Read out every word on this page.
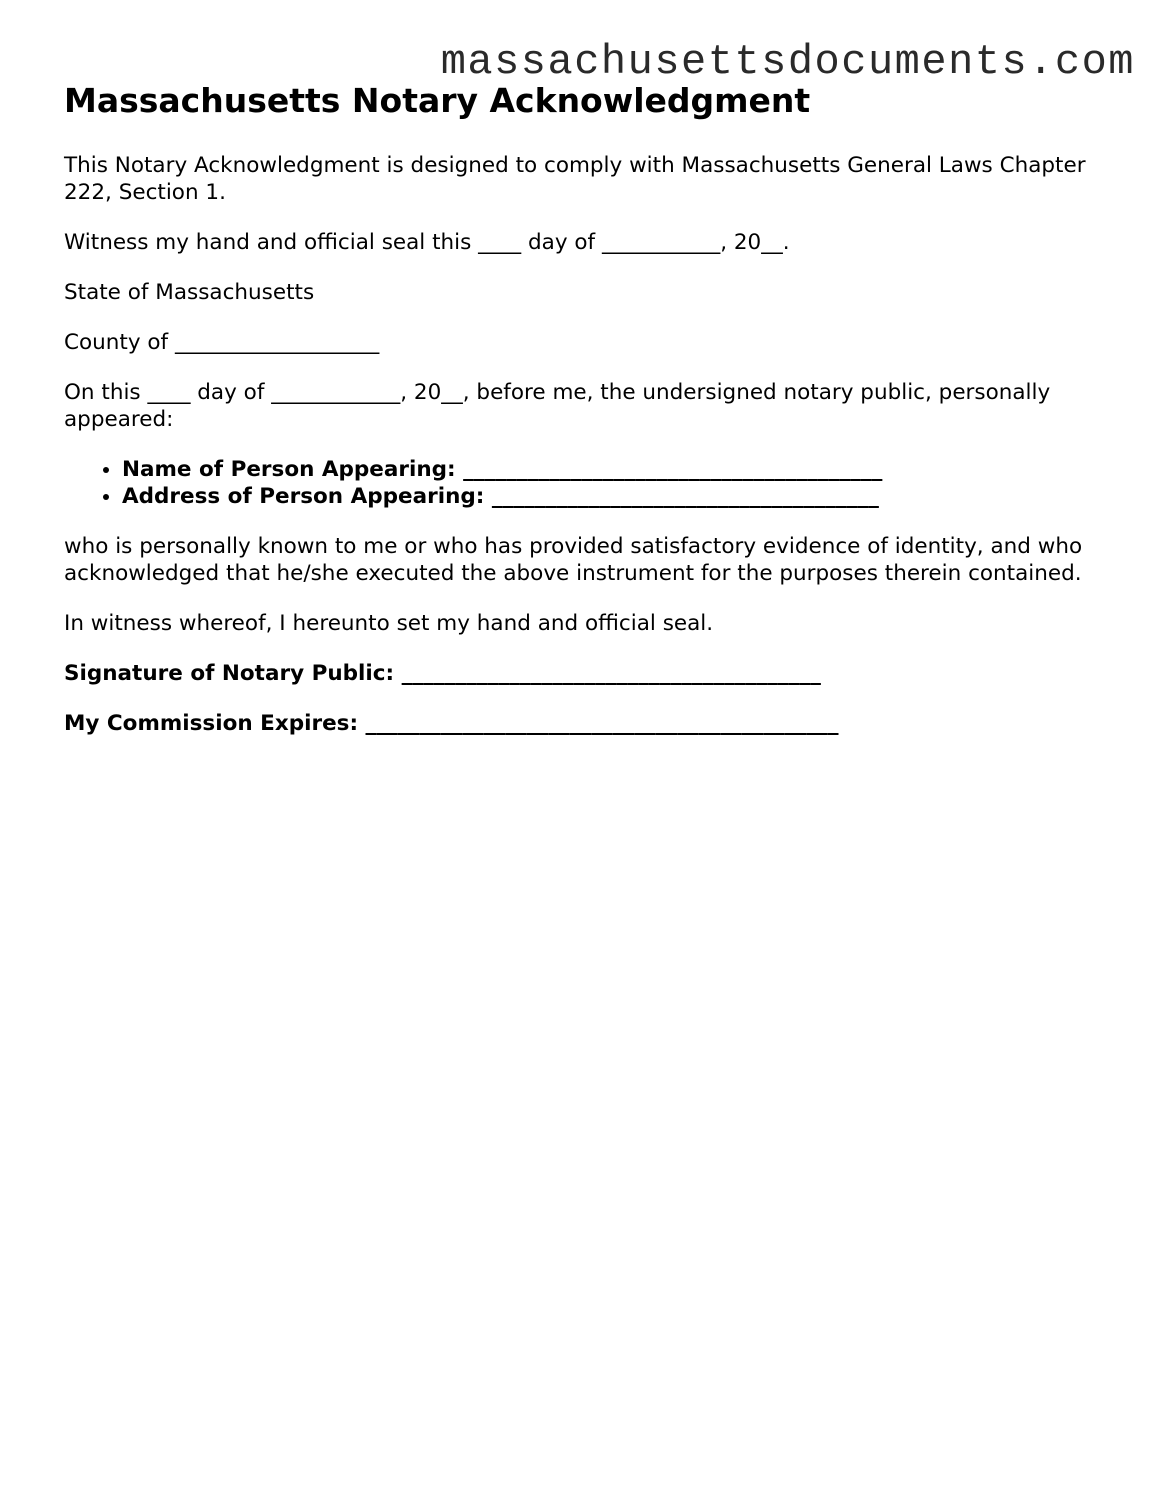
massachusettsdocuments.com
Massachusetts Notary Acknowledgment

This Notary Acknowledgment is designed to comply with Massachusetts General Laws Chapter 222, Section 1.

Witness my hand and official seal this ____ day of ___________, 20__.

State of Massachusetts

County of ___________________

On this ____ day of ____________, 20__, before me, the undersigned notary public, personally appeared:

• Name of Person Appearing: _______________________________________
• Address of Person Appearing: ____________________________________

who is personally known to me or who has provided satisfactory evidence of identity, and who acknowledged that he/she executed the above instrument for the purposes therein contained.

In witness whereof, I hereunto set my hand and official seal.

Signature of Notary Public: _______________________________________

My Commission Expires: ____________________________________________
